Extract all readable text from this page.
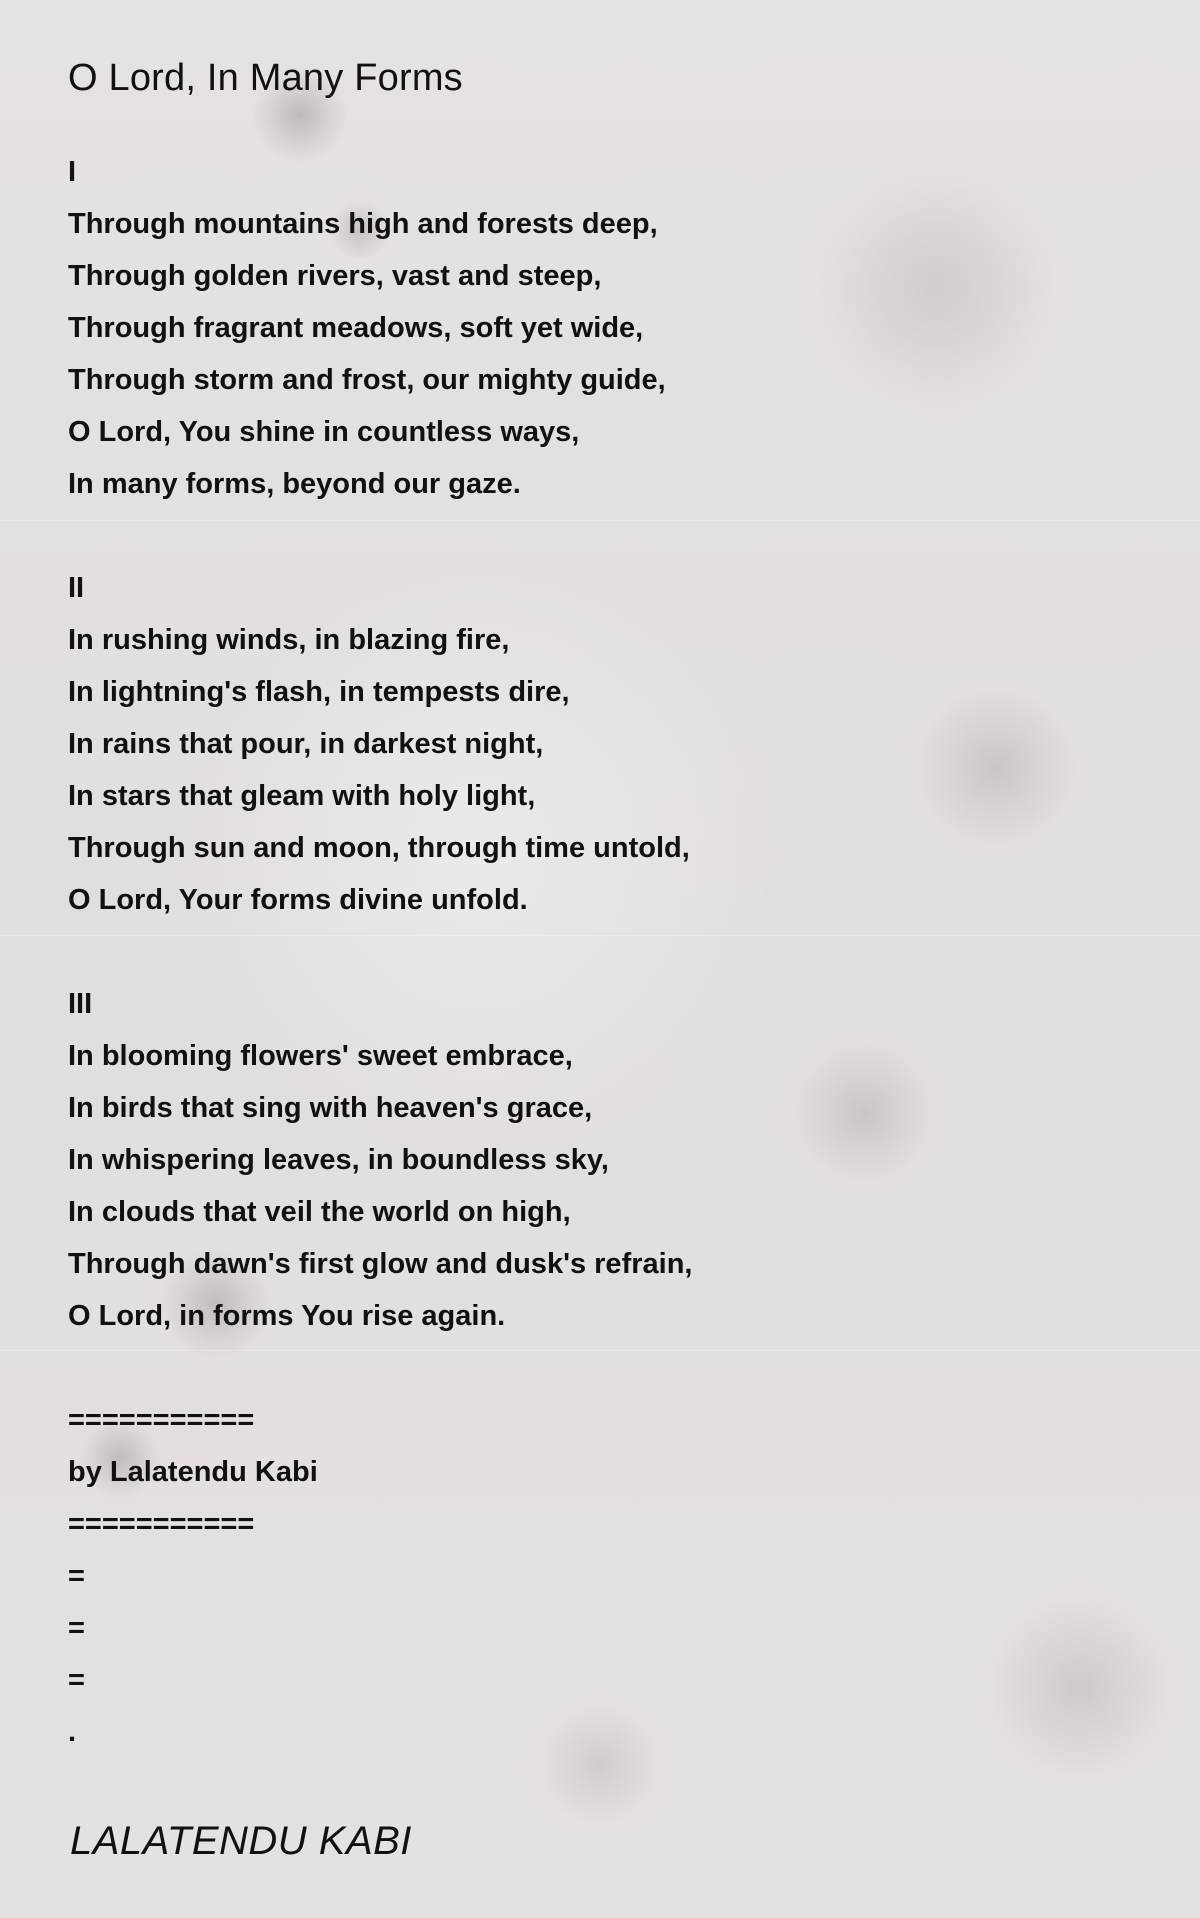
O Lord, In Many Forms
I
Through mountains high and forests deep,
Through golden rivers, vast and steep,
Through fragrant meadows, soft yet wide,
Through storm and frost, our mighty guide,
O Lord, You shine in countless ways,
In many forms, beyond our gaze.
II
In rushing winds, in blazing fire,
In lightning's flash, in tempests dire,
In rains that pour, in darkest night,
In stars that gleam with holy light,
Through sun and moon, through time untold,
O Lord, Your forms divine unfold.
III
In blooming flowers' sweet embrace,
In birds that sing with heaven's grace,
In whispering leaves, in boundless sky,
In clouds that veil the world on high,
Through dawn's first glow and dusk's refrain,
O Lord, in forms You rise again.
===========
by Lalatendu Kabi
===========
=
=
=
.
LALATENDU KABI
